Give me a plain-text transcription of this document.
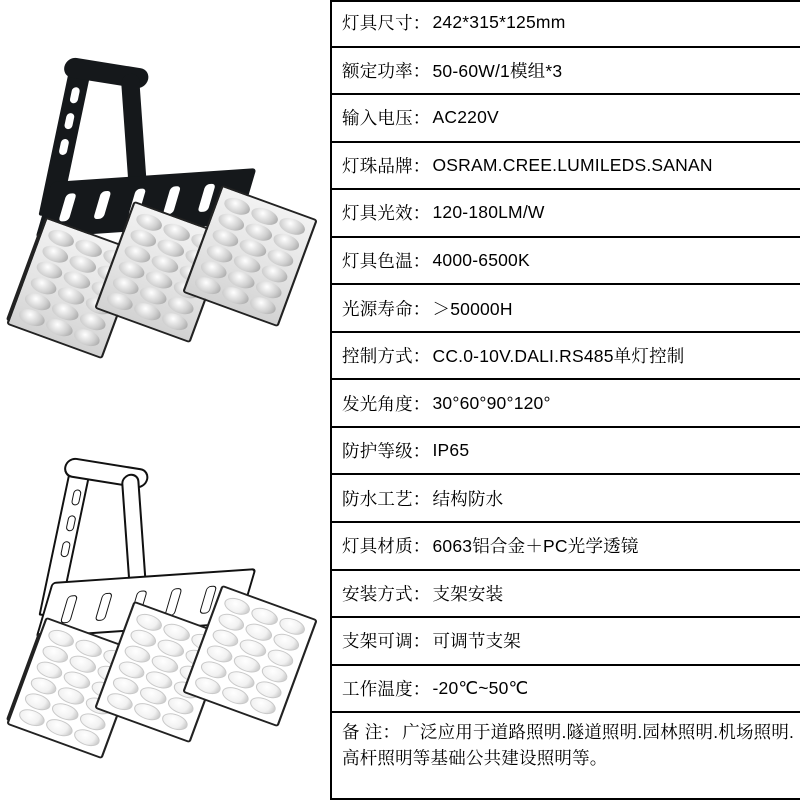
灯具尺寸： 242*315*125mm
额定功率： 50-60W/1模组*3
输入电压： AC220V
灯珠品牌： OSRAM.CREE.LUMILEDS.SANAN
灯具光效： 120-180LM/W
灯具色温： 4000-6500K
光源寿命： ＞50000H
控制方式： CC.0-10V.DALI.RS485单灯控制
发光角度： 30°60°90°120°
防护等级： IP65
防水工艺： 结构防水
灯具材质： 6063铝合金＋PC光学透镜
安装方式： 支架安装
支架可调： 可调节支架
工作温度： -20℃~50℃
备 注： 广泛应用于道路照明.隧道照明.园林照明.机场照明.高杆照明等基础公共建设照明等。
